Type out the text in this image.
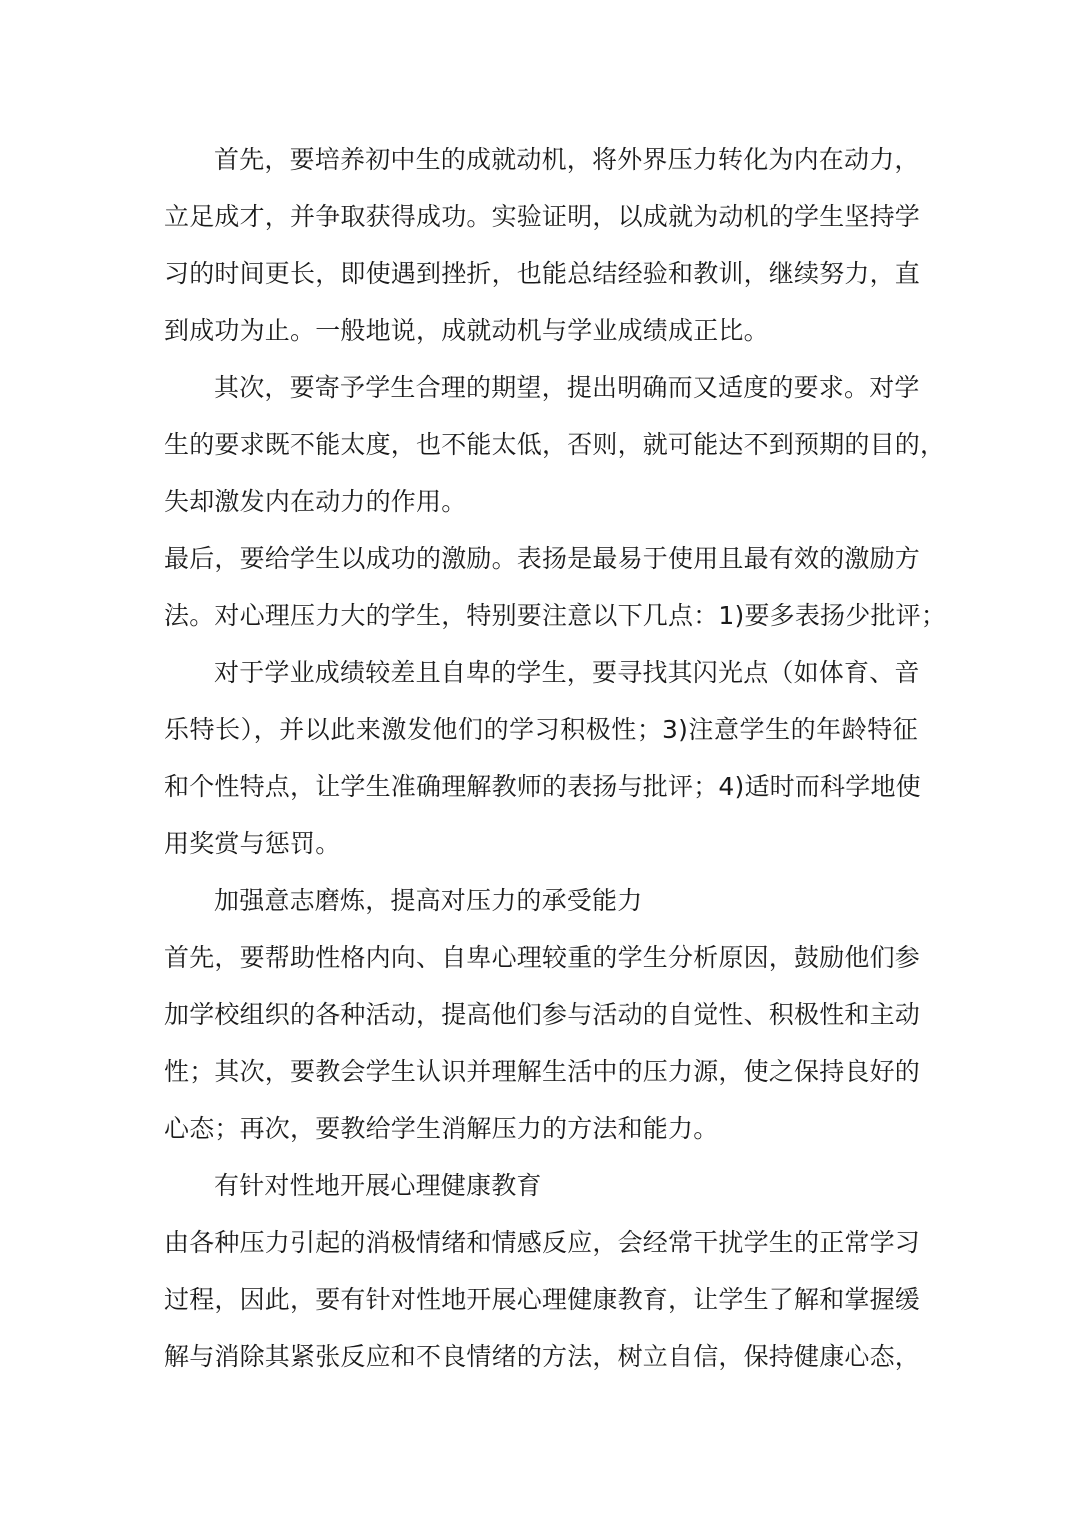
首先，要培养初中生的成就动机，将外界压力转化为内在动力，
立足成才，并争取获得成功。实验证明，以成就为动机的学生坚持学
习的时间更长，即使遇到挫折，也能总结经验和教训，继续努力，直
到成功为止。一般地说，成就动机与学业成绩成正比。
其次，要寄予学生合理的期望，提出明确而又适度的要求。对学
生的要求既不能太度，也不能太低，否则，就可能达不到预期的目的，
失却激发内在动力的作用。
最后，要给学生以成功的激励。表扬是最易于使用且最有效的激励方
法。对心理压力大的学生，特别要注意以下几点：1)要多表扬少批评；
对于学业成绩较差且自卑的学生，要寻找其闪光点（如体育、音
乐特长），并以此来激发他们的学习积极性；3)注意学生的年龄特征
和个性特点，让学生准确理解教师的表扬与批评；4)适时而科学地使
用奖赏与惩罚。
加强意志磨炼，提高对压力的承受能力
首先，要帮助性格内向、自卑心理较重的学生分析原因，鼓励他们参
加学校组织的各种活动，提高他们参与活动的自觉性、积极性和主动
性；其次，要教会学生认识并理解生活中的压力源，使之保持良好的
心态；再次，要教给学生消解压力的方法和能力。
有针对性地开展心理健康教育
由各种压力引起的消极情绪和情感反应，会经常干扰学生的正常学习
过程，因此，要有针对性地开展心理健康教育，让学生了解和掌握缓
解与消除其紧张反应和不良情绪的方法，树立自信，保持健康心态，
